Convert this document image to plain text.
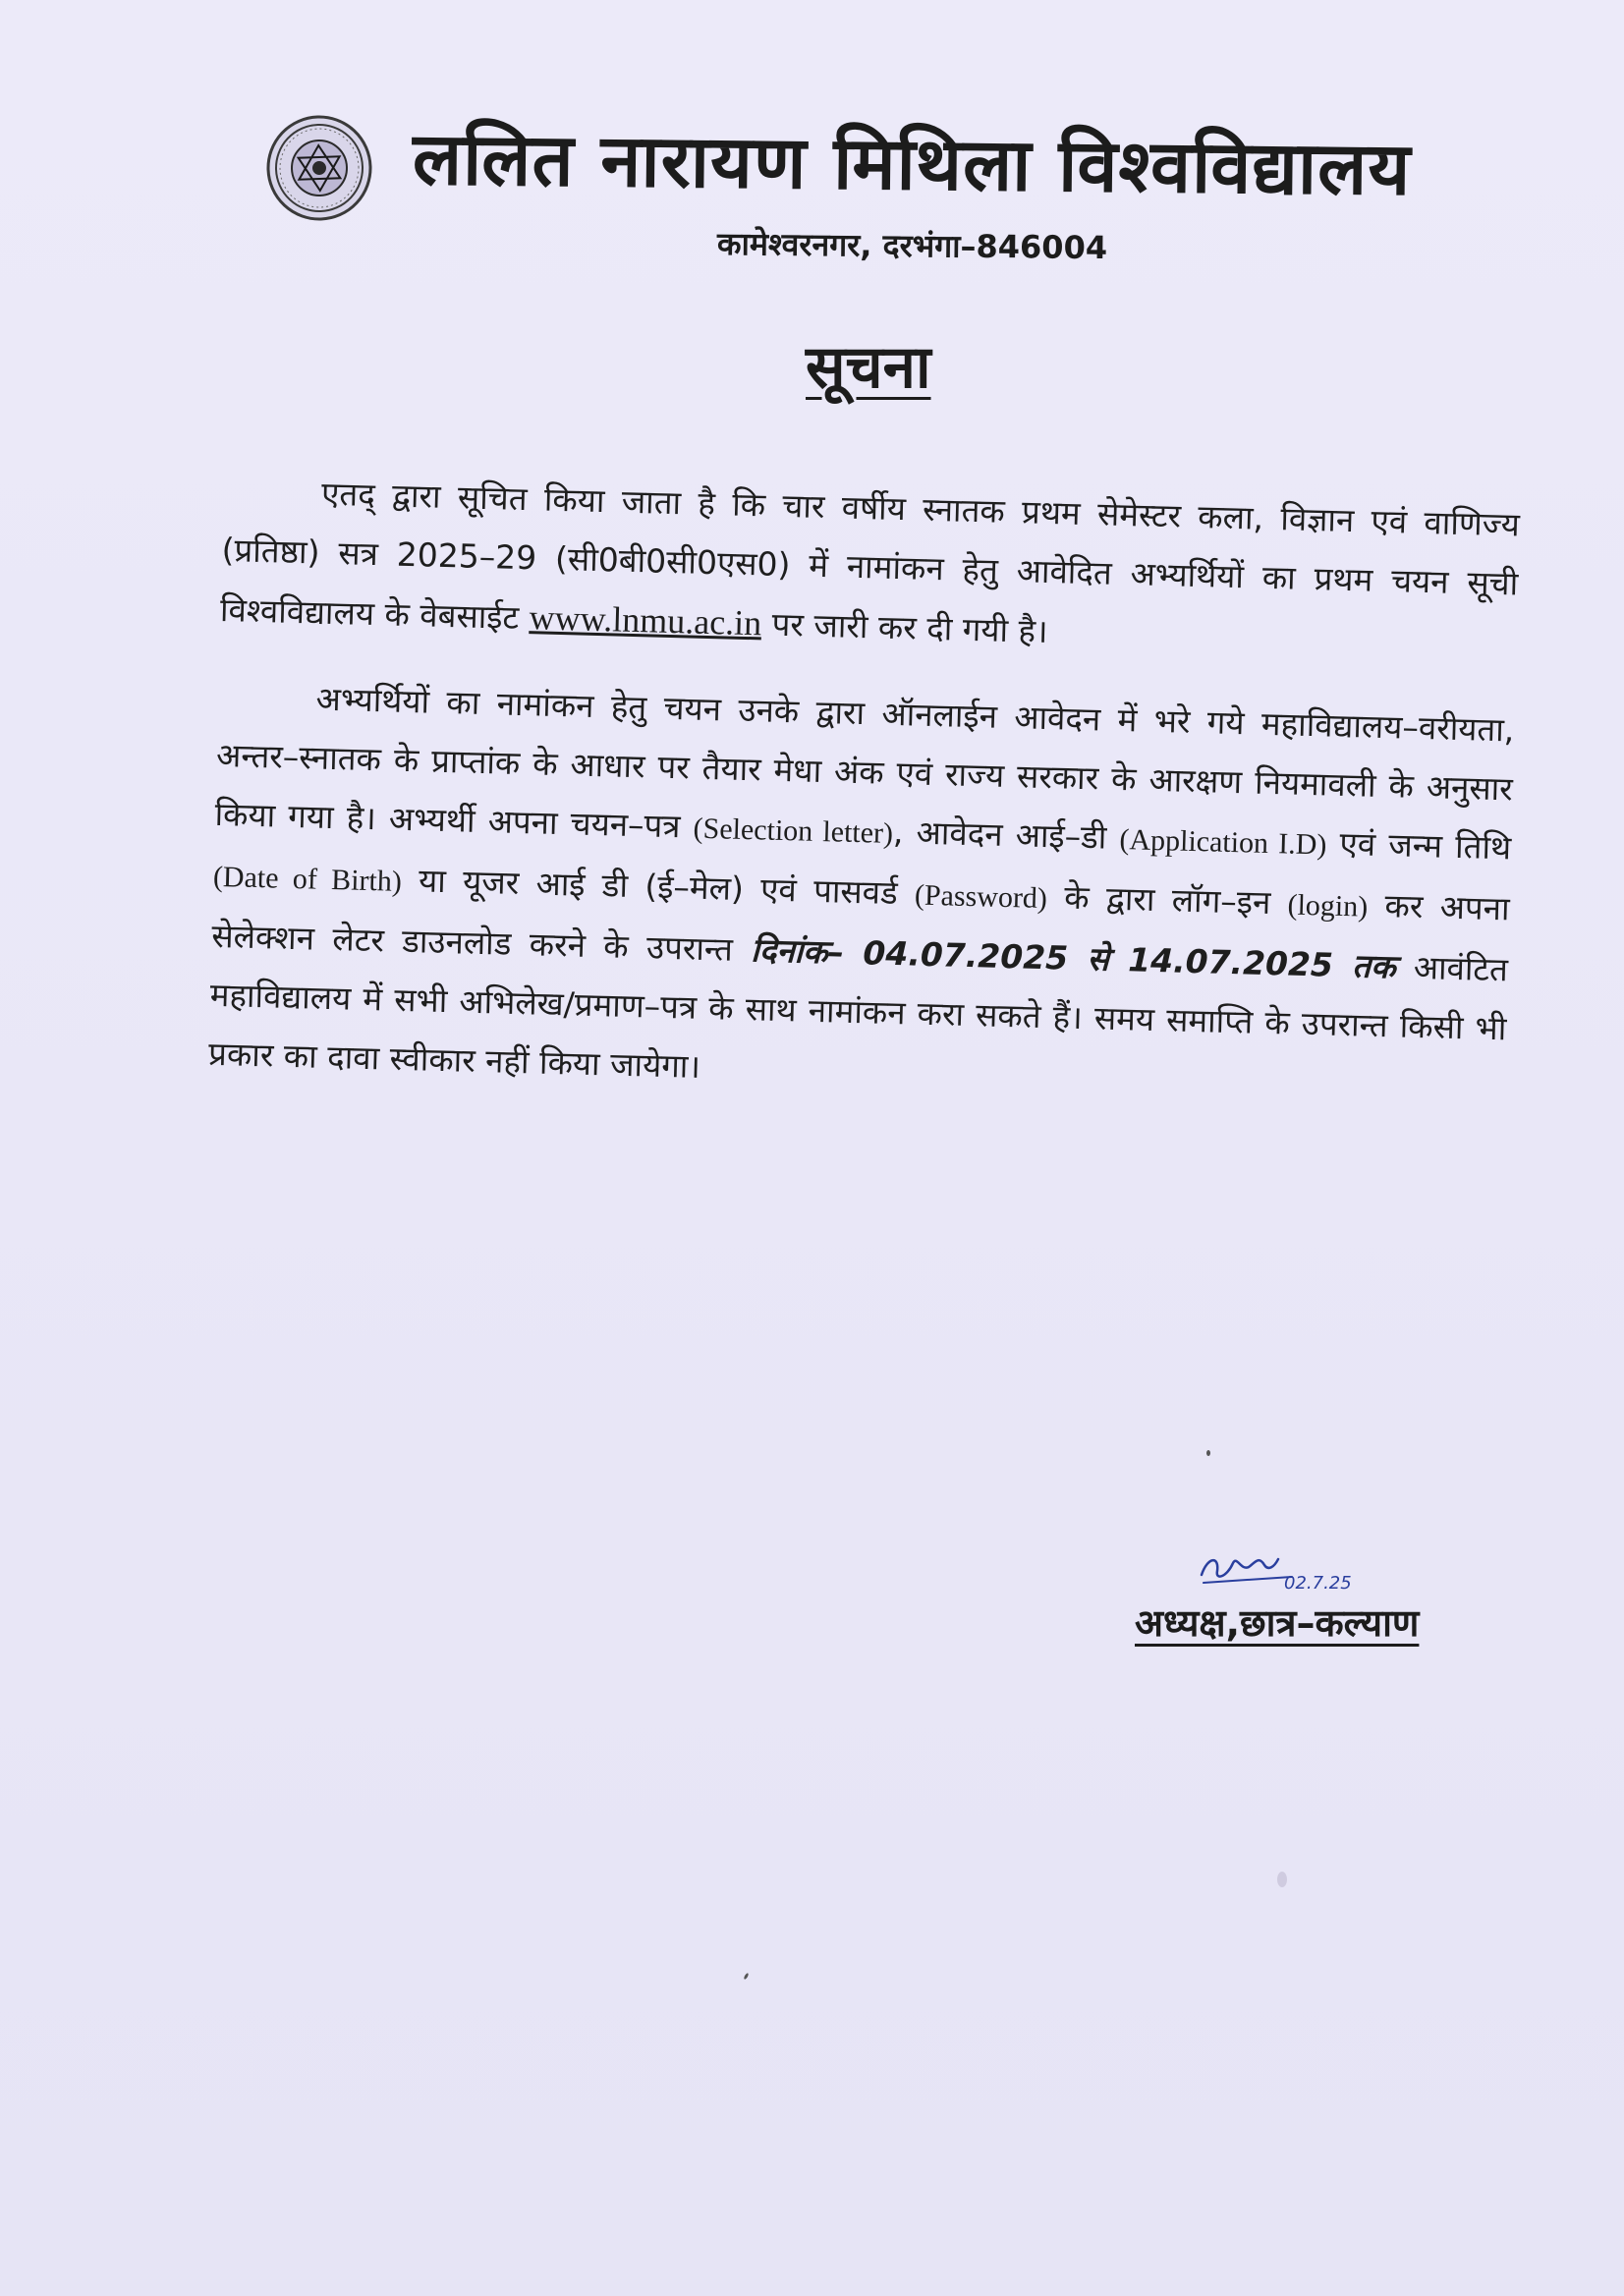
ललित नारायण मिथिला विश्वविद्यालय
कामेश्वरनगर, दरभंगा–846004
सूचना

एतद् द्वारा सूचित किया जाता है कि चार वर्षीय स्नातक प्रथम सेमेस्टर कला, विज्ञान एवं वाणिज्य (प्रतिष्ठा) सत्र 2025–29 (सी0बी0सी0एस0) में नामांकन हेतु आवेदित अभ्यर्थियों का प्रथम चयन सूची विश्वविद्यालय के वेबसाईट www.lnmu.ac.in पर जारी कर दी गयी है।

अभ्यर्थियों का नामांकन हेतु चयन उनके द्वारा ऑनलाईन आवेदन में भरे गये महाविद्यालय–वरीयता, अन्तर–स्नातक के प्राप्तांक के आधार पर तैयार मेधा अंक एवं राज्य सरकार के आरक्षण नियमावली के अनुसार किया गया है। अभ्यर्थी अपना चयन–पत्र (Selection letter), आवेदन आई–डी (Application I.D) एवं जन्म तिथि (Date of Birth) या यूजर आई डी (ई–मेल) एवं पासवर्ड (Password) के द्वारा लॉग–इन (login) कर अपना सेलेक्शन लेटर डाउनलोड करने के उपरान्त दिनांक– 04.07.2025 से 14.07.2025 तक आवंटित महाविद्यालय में सभी अभिलेख/प्रमाण–पत्र के साथ नामांकन करा सकते हैं। समय समाप्ति के उपरान्त किसी भी प्रकार का दावा स्वीकार नहीं किया जायेगा।

02.7.25
अध्यक्ष,छात्र–कल्याण
